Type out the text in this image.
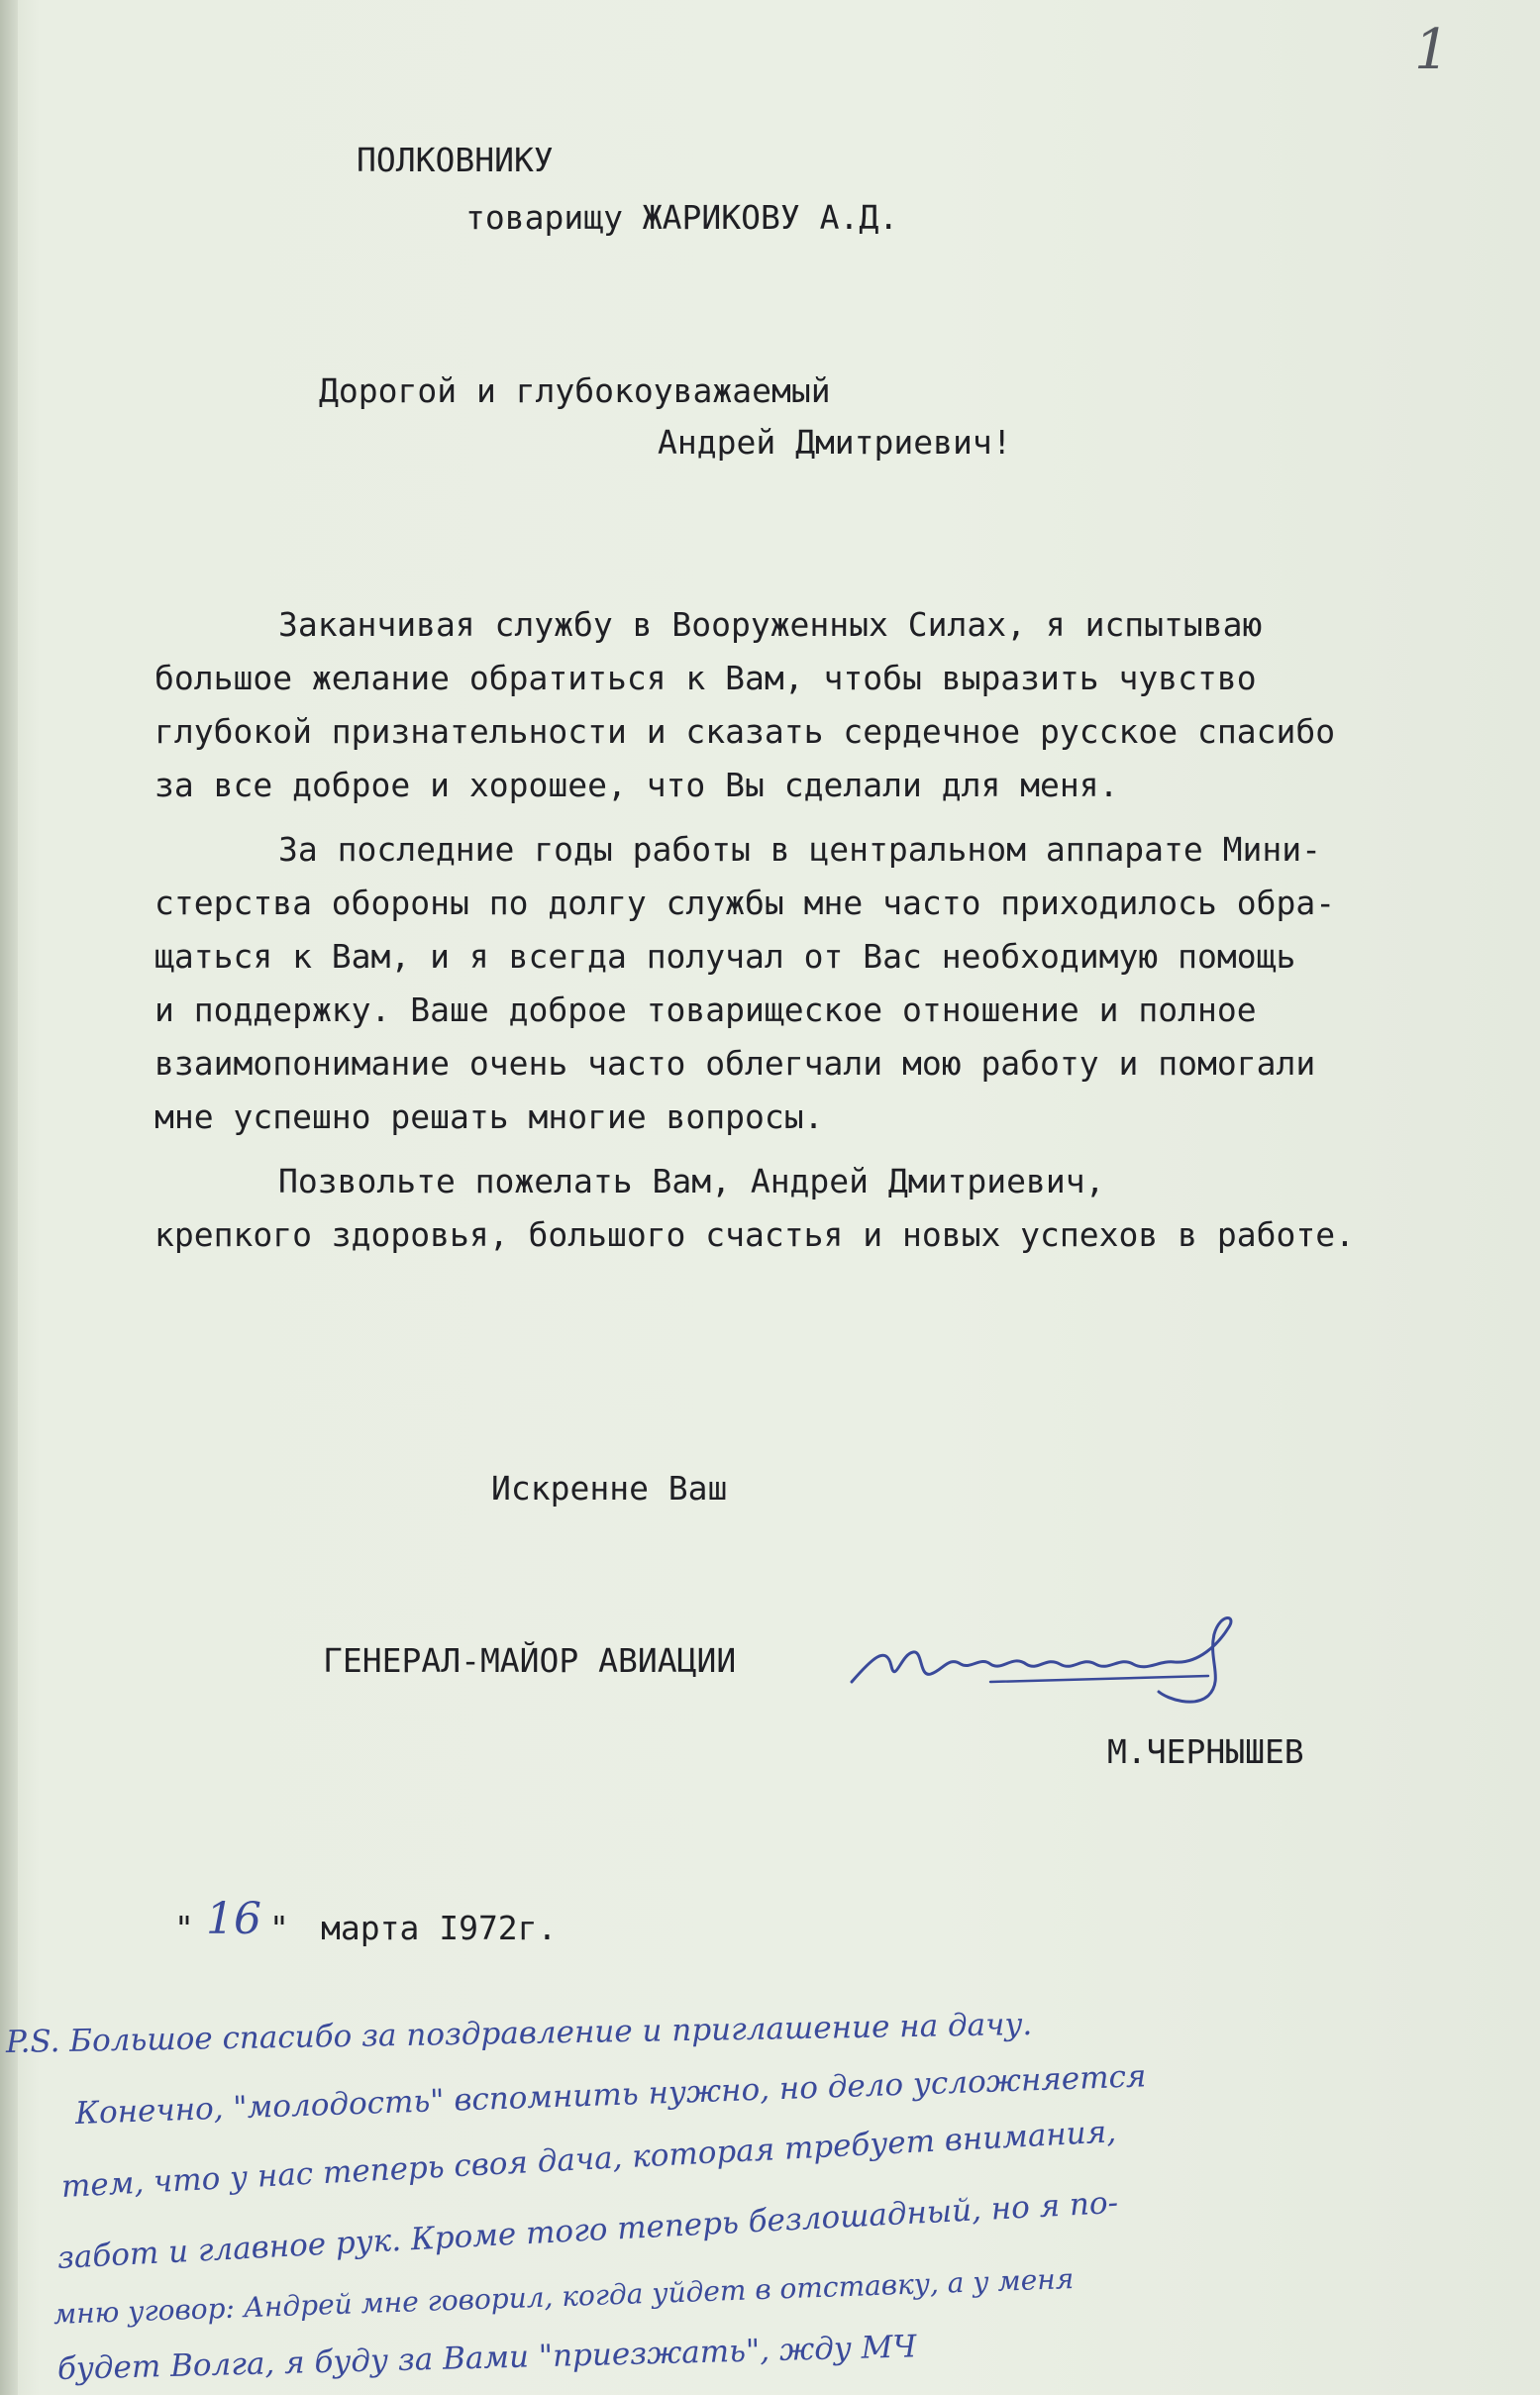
1

ПОЛКОВНИКУ

товарищу ЖАРИКОВУ А.Д.

Дорогой и глубокоуважаемый

Андрей Дмитриевич!

Заканчивая службу в Вооруженных Силах, я испытываю

большое желание обратиться к Вам, чтобы выразить чувство

глубокой признательности и сказать сердечное русское спасибо

за все доброе и хорошее, что Вы сделали для меня.

За последние годы работы в центральном аппарате Мини-

стерства обороны по долгу службы мне часто приходилось обра-

щаться к Вам, и я всегда получал от Вас необходимую помощь

и поддержку. Ваше доброе товарищеское отношение и полное

взаимопонимание очень часто облегчали мою работу и помогали

мне успешно решать многие вопросы.

Позвольте пожелать Вам, Андрей Дмитриевич,

крепкого здоровья, большого счастья и новых успехов в работе.

Искренне Ваш

ГЕНЕРАЛ-МАЙОР АВИАЦИИ

М.ЧЕРНЫШЕВ

" 16 " марта I972г.
P.S. Большое спасибо за поздравление и приглашение на дачу.
Конечно, "молодость" вспомнить нужно, но дело усложняется
тем, что у нас теперь своя дача, которая требует внимания,
забот и главное рук. Кроме того теперь безлошадный, но я по-
мню уговор: Андрей мне говорил, когда уйдет в отставку, а у меня
будет Волга, я буду за Вами "приезжать", жду МЧ
